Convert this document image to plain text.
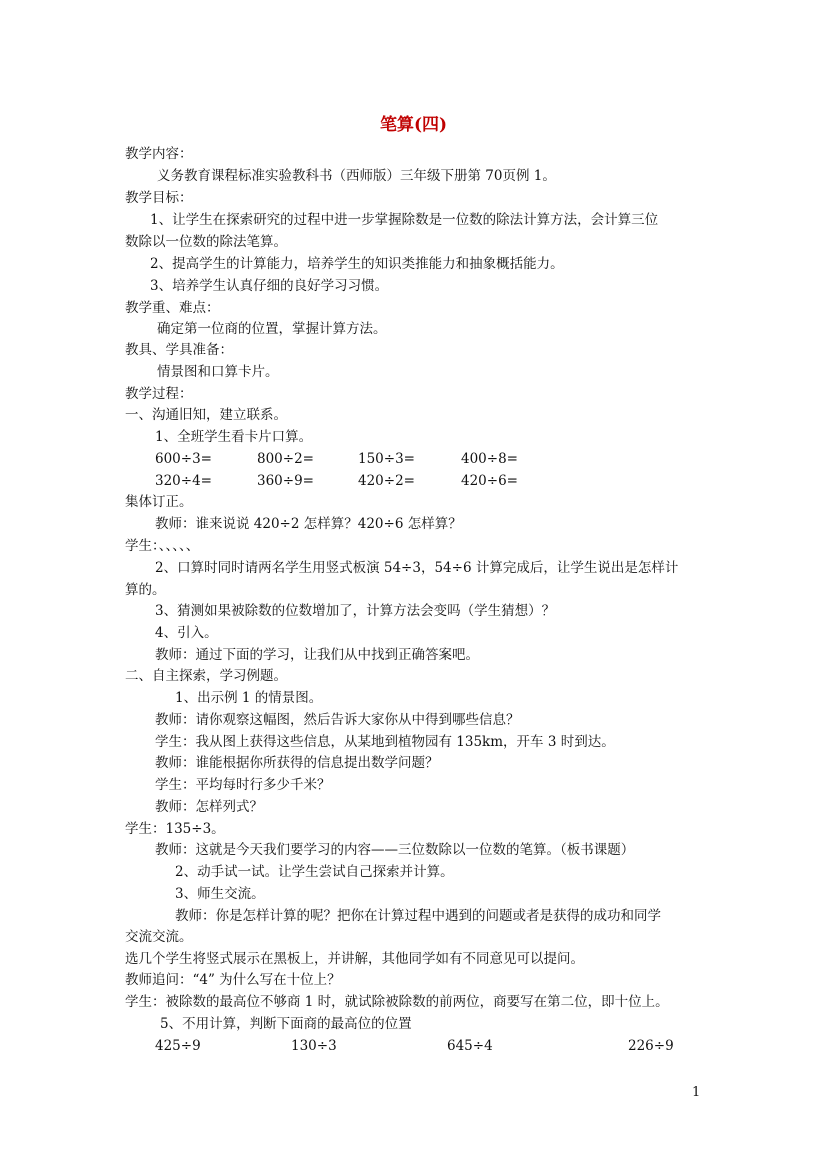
笔算(四)
教学内容：
义务教育课程标准实验教科书（西师版）三年级下册第 70页例 1。
教学目标：
1、让学生在探索研究的过程中进一步掌握除数是一位数的除法计算方法，会计算三位
数除以一位数的除法笔算。
2、提高学生的计算能力，培养学生的知识类推能力和抽象概括能力。
3、培养学生认真仔细的良好学习习惯。
教学重、难点：
确定第一位商的位置，掌握计算方法。
教具、学具准备：
情景图和口算卡片。
教学过程：
一、沟通旧知，建立联系。
1、全班学生看卡片口算。
600÷3=	800÷2=	150÷3=	400÷8=
320÷4=	360÷9=	420÷2=	420÷6=
集体订正。
教师：谁来说说 420÷2 怎样算？420÷6 怎样算？
学生：、、、、、
2、口算时同时请两名学生用竖式板演 54÷3，54÷6 计算完成后，让学生说出是怎样计
算的。
3、猜测如果被除数的位数增加了，计算方法会变吗（学生猜想）？
4、引入。
教师：通过下面的学习，让我们从中找到正确答案吧。
二、自主探索，学习例题。
1、出示例 1 的情景图。
教师：请你观察这幅图，然后告诉大家你从中得到哪些信息？
学生：我从图上获得这些信息，从某地到植物园有 135km，开车 3 时到达。
教师：谁能根据你所获得的信息提出数学问题？
学生：平均每时行多少千米？
教师：怎样列式？
学生：135÷3。
教师：这就是今天我们要学习的内容——三位数除以一位数的笔算。（板书课题）
2、动手试一试。让学生尝试自己探索并计算。
3、师生交流。
教师：你是怎样计算的呢？把你在计算过程中遇到的问题或者是获得的成功和同学
交流交流。
选几个学生将竖式展示在黑板上，并讲解，其他同学如有不同意见可以提问。
教师追问：“4” 为什么写在十位上？
学生：被除数的最高位不够商 1 时，就试除被除数的前两位，商要写在第二位，即十位上。
5、不用计算，判断下面商的最高位的位置
425÷9	130÷3	645÷4	226÷9
1
